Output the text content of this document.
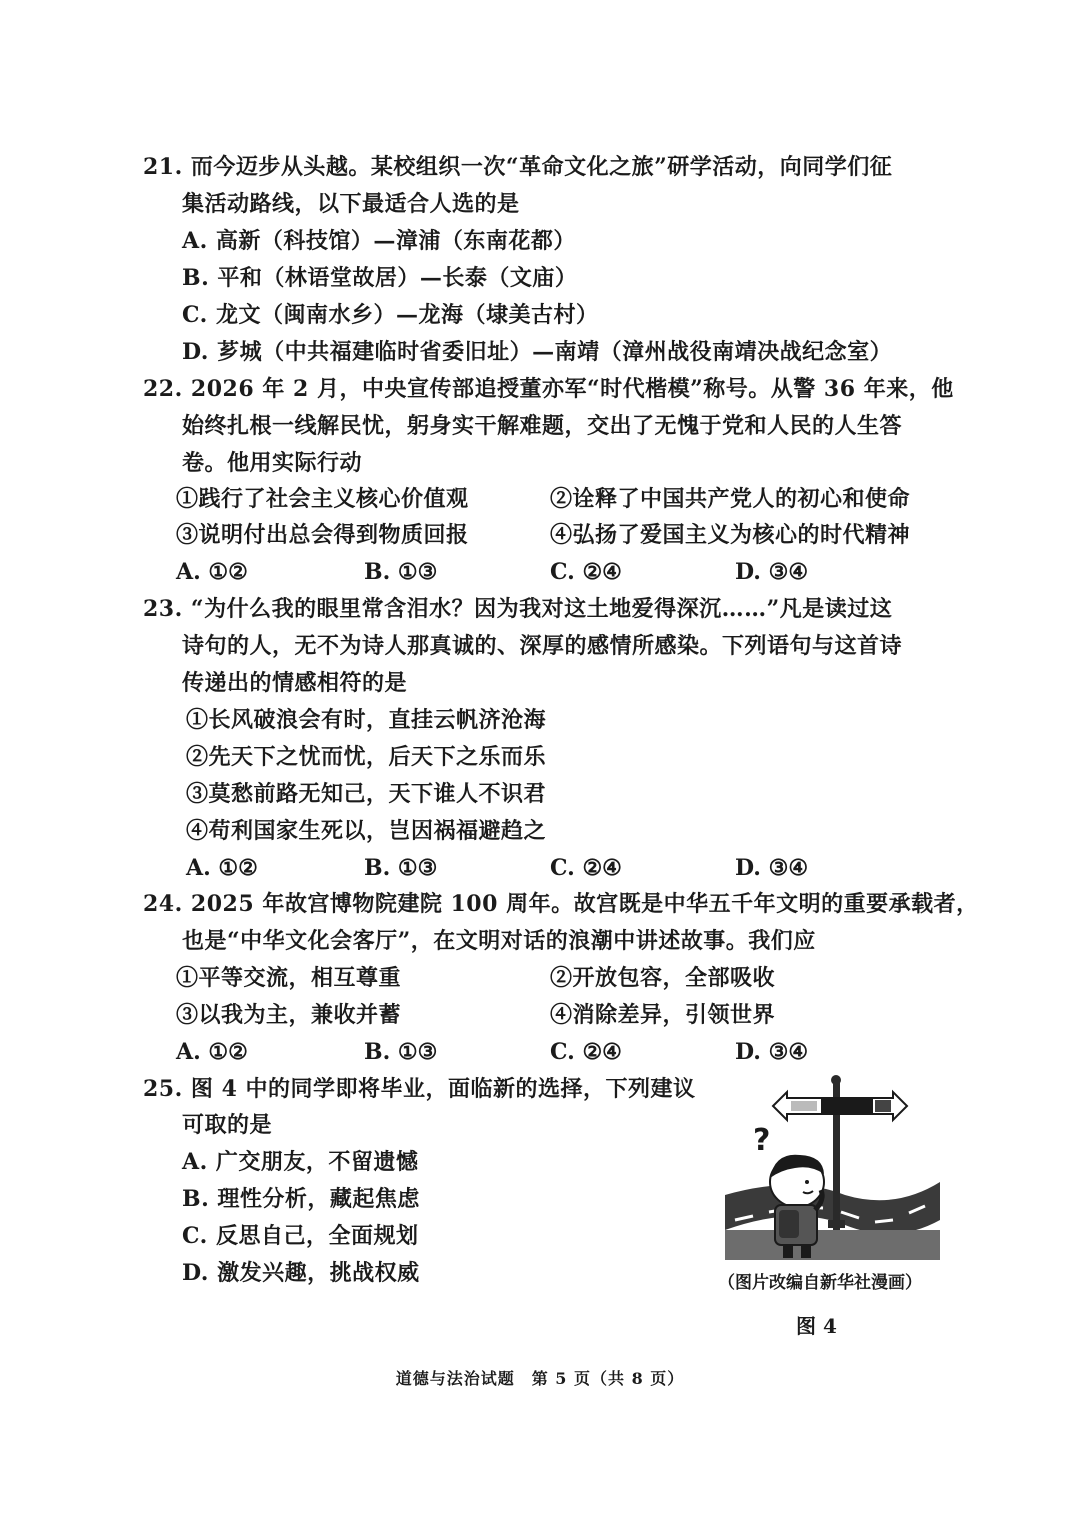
21. 而今迈步从头越。某校组织一次“革命文化之旅”研学活动，向同学们征
集活动路线，以下最适合人选的是
A. 高新（科技馆）—漳浦（东南花都）
B. 平和（林语堂故居）—长泰（文庙）
C. 龙文（闽南水乡）—龙海（埭美古村）
D. 芗城（中共福建临时省委旧址）—南靖（漳州战役南靖决战纪念室）
22. 2026 年 2 月，中央宣传部追授董亦军“时代楷模”称号。从警 36 年来，他
始终扎根一线解民忧，躬身实干解难题，交出了无愧于党和人民的人生答
卷。他用实际行动
①践行了社会主义核心价值观	②诠释了中国共产党人的初心和使命
③说明付出总会得到物质回报	④弘扬了爱国主义为核心的时代精神
A. ①②	B. ①③	C. ②④	D. ③④
23. “为什么我的眼里常含泪水？因为我对这土地爱得深沉……”凡是读过这
诗句的人，无不为诗人那真诚的、深厚的感情所感染。下列语句与这首诗
传递出的情感相符的是
①长风破浪会有时，直挂云帆济沧海
②先天下之忧而忧，后天下之乐而乐
③莫愁前路无知己，天下谁人不识君
④苟利国家生死以，岂因祸福避趋之
A. ①②	B. ①③	C. ②④	D. ③④
24. 2025 年故宫博物院建院 100 周年。故宫既是中华五千年文明的重要承载者，
也是“中华文化会客厅”，在文明对话的浪潮中讲述故事。我们应
①平等交流，相互尊重	②开放包容，全部吸收
③以我为主，兼收并蓄	④消除差异，引领世界
A. ①②	B. ①③	C. ②④	D. ③④
25. 图 4 中的同学即将毕业，面临新的选择，下列建议
可取的是
A. 广交朋友，不留遗憾
B. 理性分析，藏起焦虑
C. 反思自己，全面规划
D. 激发兴趣，挑战权威
?
（图片改编自新华社漫画）
图 4
道德与法治试题　第 5 页（共 8 页）
